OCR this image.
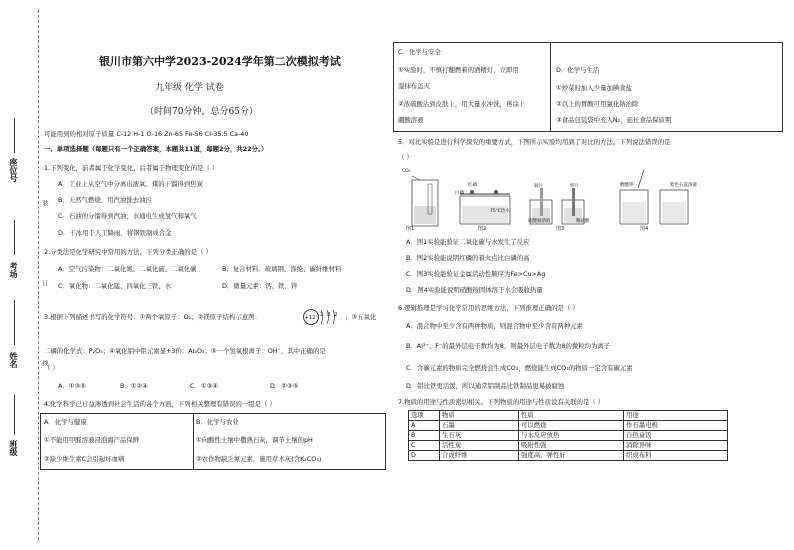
座位号
考场
姓名
班级
装
订
线
银川市第六中学2023-2024学年第二次模拟考试
九年级 化学 试卷
（时间70分钟，总分65分）
可能用到的相对原子质量 C-12 H-1 O-16 Zn-65 Fe-56 Cl-35.5 Ca-40
一、单项选择题（每题只有一个正确答案，本题共11道，每题2分，共22分。）
1.下列变化，前者属于化学变化，后者属于物理变化的是（ ）
A．工业上从空气中分离出液氧、煤的干馏得到焦炭
B．天然气燃烧、用汽油洗去油污
C．石油的分馏得到汽油、水通电生成氢气和氧气
D．干冰用于人工降雨、将钢铁制成合金
2.分类法是化学研究中常用的方法。下列分类正确的是（ ）
A．空气污染物：二氧化氮、二氧化硫、二氧化碳	B．复合材料：玻璃钢、涤纶、碳纤维材料
C．氧化物：二氧化锰、四氧化三铁、水	D．微量元素：钙、铁、锌
3.根据下列描述书写的化学符号：①两个氧原子：O₂；②镁原子结构示意图：	+12 2 8 2 ；③五氧化
二磷的化学式：P₂O₅；④氧化铝中铝元素显+3价：Al₂O₃；⑤一个氢氧根离子：OH⁻，其中正确的是
（ ）
A．①③⑤	B．①②④	C．①③④	D．②③⑤
4.化学科学已日益渗透到社会生活的各个方面，下列相关整理有错误的一组是（ ）
A．化学与健康
①不能用甲醛溶液浸泡海产品保鲜
②缺少维生素C会引起坏血病
B．化学与农业
①向酸性土壤中撒熟石灰，调节土壤的pH
②农作物缺乏氮元素，施用草木灰(含K₂CO₃)
C．化学与安全
①实验时，不慎打翻燃着的酒精灯，立即用
湿抹布盖灭
②浓硫酸沾到皮肤上，用大量水冲洗，再涂上
硼酸溶液
D．化学与生活
①炒菜时加入少量加碘食盐
②以上的胃酸可用氯化钠治除
③食品包装袋中充入N₂，延长食品保质期
5．对比实验是进行科学探究的重要方式，下图所示实验均用到了对比的方法。下列说法错误的是
（ ）
图1	图2	图3	图4
CO₂
红磷
白磷
75℃热水
铜片	铁片
硫酸铜溶液	稀硫酸
酸酸钾	紫色石蕊溶液
A．图1实验能验证二氧化碳与水发生了反应
B．图2实验能说明红磷的着火点比白磷的高
C．图3实验能验证金属活动性顺序为Fe>Cu>Ag
D．图4实验能说明硝酸铵固体溶于水会吸收热量
6.逻辑推理是学习化学常用的思维方法，下列推理正确的是（ ）
A．混合物中至少含有两种物质，则混合物中至少含有两种元素
B．Al³⁺、F⁻的最外层电子数均为8，则最外层电子数为8的微粒均为离子
C．含碳元素的物质完全燃烧会生成CO₂，燃烧能生成CO₂的物质一定含有碳元素
D．铝比铁更活泼，所以通常铝制品比铁制品更易被腐蚀
7.物质的用途与性质密切相关。下列物质的用途与性质没有关联的是（ ）
选项	物质	性质	用途
A	石墨	可以燃烧	作石墨电极
B	生石灰	与水反应放热	自热盒饭
C	活性炭	吸附性强	消除异味
D	合成纤维	强度高、弹性好	织成布料
